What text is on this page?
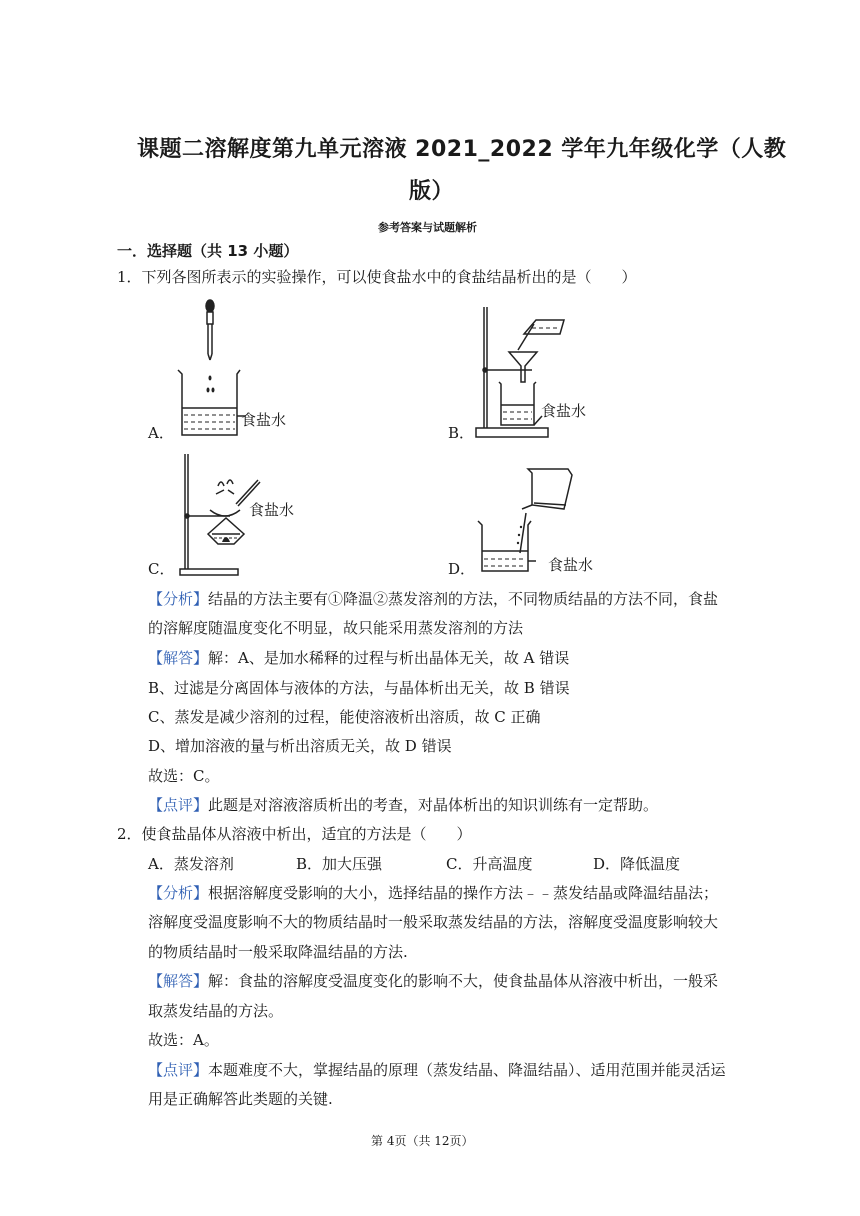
课题二溶解度第九单元溶液 2021_2022 学年九年级化学（人教
版）
参考答案与试题解析
一．选择题（共 13 小题）
1．下列各图所表示的实验操作，可以使食盐水中的食盐结晶析出的是（　　）
食盐水
A．
食盐水
B．
食盐水
C．	食盐水
D．
【分析】结晶的方法主要有①降温②蒸发溶剂的方法，不同物质结晶的方法不同，食盐
的溶解度随温度变化不明显，故只能采用蒸发溶剂的方法
【解答】解：A、是加水稀释的过程与析出晶体无关，故 A 错误
B、过滤是分离固体与液体的方法，与晶体析出无关，故 B 错误
C、蒸发是减少溶剂的过程，能使溶液析出溶质，故 C 正确
D、增加溶液的量与析出溶质无关，故 D 错误
故选：C。
【点评】此题是对溶液溶质析出的考查，对晶体析出的知识训练有一定帮助。
2．使食盐晶体从溶液中析出，适宜的方法是（　　）
A．蒸发溶剂	B．加大压强	C．升高温度	D．降低温度
【分析】根据溶解度受影响的大小，选择结晶的操作方法﹣﹣蒸发结晶或降温结晶法；
溶解度受温度影响不大的物质结晶时一般采取蒸发结晶的方法，溶解度受温度影响较大
的物质结晶时一般采取降温结晶的方法.
【解答】解：食盐的溶解度受温度变化的影响不大，使食盐晶体从溶液中析出，一般采
取蒸发结晶的方法。
故选：A。
【点评】本题难度不大，掌握结晶的原理（蒸发结晶、降温结晶）、适用范围并能灵活运
用是正确解答此类题的关键.
第 4页（共 12页）
